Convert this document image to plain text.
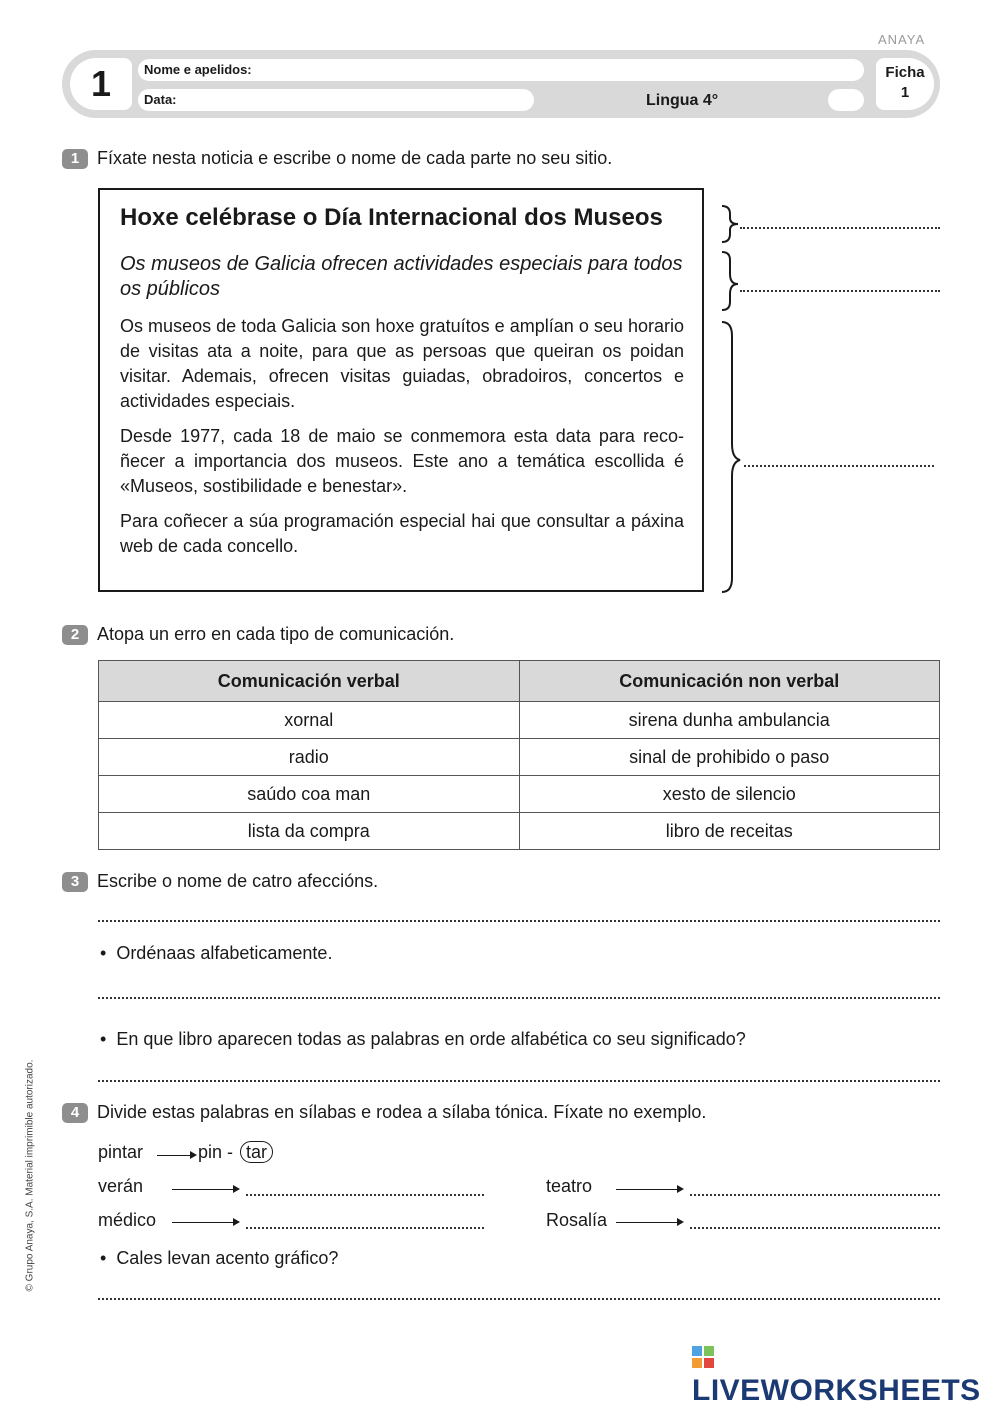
ANAYA
1	Nome e apelidos:
Data:	Lingua 4°
Ficha
1
1 Fíxate nesta noticia e escribe o nome de cada parte no seu sitio.
Hoxe celébrase o Día Internacional dos Museos
Os museos de Galicia ofrecen actividades especiais para todos os públicos
Os museos de toda Galicia son hoxe gratuítos e amplían o seu horario de visitas ata a noite, para que as persoas que queiran os poidan visitar. Ademais, ofrecen visitas guiadas, obradoiros, concertos e actividades especiais.
Desde 1977, cada 18 de maio se conmemora esta data para recoñecer a importancia dos museos. Este ano a temática escollida é «Museos, sostibilidade e benestar».
Para coñecer a súa programación especial hai que consultar a páxina web de cada concello.
2 Atopa un erro en cada tipo de comunicación.
Comunicación verbal	Comunicación non verbal
xornal	sirena dunha ambulancia
radio	sinal de prohibido o paso
saúdo coa man	xesto de silencio
lista da compra	libro de receitas
3 Escribe o nome de catro afeccións.
•  Ordénaas alfabeticamente.
•  En que libro aparecen todas as palabras en orde alfabética co seu significado?
4 Divide estas palabras en sílabas e rodea a sílaba tónica. Fíxate no exemplo.
pintar	pin - tar
verán
médico
teatro
Rosalía
•  Cales levan acento gráfico?
© Grupo Anaya, S.A. Material imprimible autorizado.
LIVEWORKSHEETS
